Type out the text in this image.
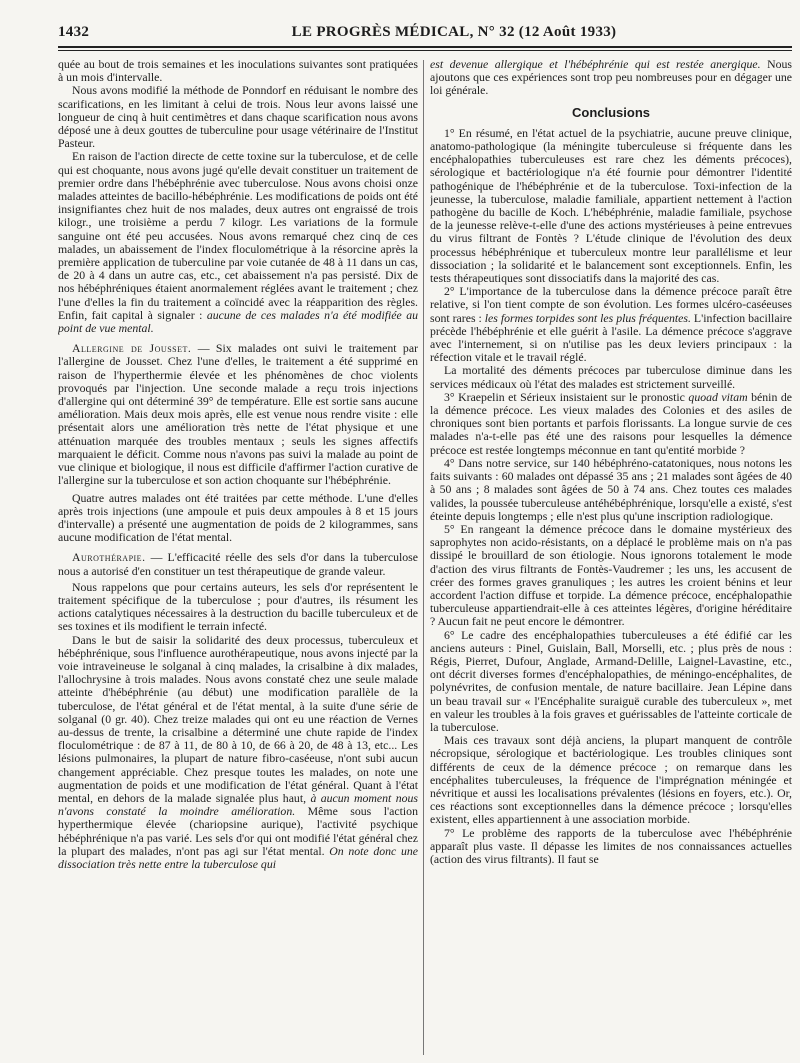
1432	LE PROGRÈS MÉDICAL, N° 32 (12 Août 1933)

quée au bout de trois semaines et les inoculations suivantes sont pratiquées à un mois d'intervalle.

Nous avons modifié la méthode de Ponndorf en réduisant le nombre des scarifications, en les limitant à celui de trois. Nous leur avons laissé une longueur de cinq à huit centimètres et dans chaque scarification nous avons déposé une à deux gouttes de tuberculine pour usage vétérinaire de l'Institut Pasteur.

En raison de l'action directe de cette toxine sur la tuberculose, et de celle qui est choquante, nous avons jugé qu'elle devait constituer un traitement de premier ordre dans l'hébéphrénie avec tuberculose. Nous avons choisi onze malades atteintes de bacillo-hébéphrénie. Les modifications de poids ont été insignifiantes chez huit de nos malades, deux autres ont engraissé de trois kilogr., une troisième a perdu 7 kilogr. Les variations de la formule sanguine ont été peu accusées. Nous avons remarqué chez cinq de ces malades, un abaissement de l'index floculométrique à la résorcine après la première application de tuberculine par voie cutanée de 48 à 11 dans un cas, de 20 à 4 dans un autre cas, etc., cet abaissement n'a pas persisté. Dix de nos hébéphréniques étaient anormalement réglées avant le traitement ; chez l'une d'elles la fin du traitement a coïncidé avec la réapparition des règles. Enfin, fait capital à signaler : aucune de ces malades n'a été modifiée au point de vue mental.

Allergine de Jousset. — Six malades ont suivi le traitement par l'allergine de Jousset. Chez l'une d'elles, le traitement a été supprimé en raison de l'hyperthermie élevée et les phénomènes de choc violents provoqués par l'injection. Une seconde malade a reçu trois injections d'allergine qui ont déterminé 39° de température. Elle est sortie sans aucune amélioration. Mais deux mois après, elle est venue nous rendre visite : elle présentait alors une amélioration très nette de l'état physique et une atténuation marquée des troubles mentaux ; seuls les signes affectifs marquaient le déficit. Comme nous n'avons pas suivi la malade au point de vue clinique et biologique, il nous est difficile d'affirmer l'action curative de l'allergine sur la tuberculose et son action choquante sur l'hébéphrénie.

Quatre autres malades ont été traitées par cette méthode. L'une d'elles après trois injections (une ampoule et puis deux ampoules à 8 et 15 jours d'intervalle) a présenté une augmentation de poids de 2 kilogrammes, sans aucune modification de l'état mental.

Aurothérapie. — L'efficacité réelle des sels d'or dans la tuberculose nous a autorisé d'en constituer un test thérapeutique de grande valeur.

Nous rappelons que pour certains auteurs, les sels d'or représentent le traitement spécifique de la tuberculose ; pour d'autres, ils résument les actions catalytiques nécessaires à la destruction du bacille tuberculeux et de ses toxines et ils modifient le terrain infecté.

Dans le but de saisir la solidarité des deux processus, tuberculeux et hébéphrénique, sous l'influence aurothérapeutique, nous avons injecté par la voie intraveineuse le solganal à cinq malades, la crisalbine à dix malades, l'allochrysine à trois malades. Nous avons constaté chez une seule malade atteinte d'hébéphrénie (au début) une modification parallèle de la tuberculose, de l'état général et de l'état mental, à la suite d'une série de solganal (0 gr. 40). Chez treize malades qui ont eu une réaction de Vernes au-dessus de trente, la crisalbine a déterminé une chute rapide de l'index floculométrique : de 87 à 11, de 80 à 10, de 66 à 20, de 48 à 13, etc... Les lésions pulmonaires, la plupart de nature fibro-caséeuse, n'ont subi aucun changement appréciable. Chez presque toutes les malades, on note une augmentation de poids et une modification de l'état général. Quant à l'état mental, en dehors de la malade signalée plus haut, à aucun moment nous n'avons constaté la moindre amélioration. Même sous l'action hyperthermique élevée (chariopsine aurique), l'activité psychique hébéphrénique n'a pas varié. Les sels d'or qui ont modifié l'état général chez la plupart des malades, n'ont pas agi sur l'état mental. On note donc une dissociation très nette entre la tuberculose qui

est devenue allergique et l'hébéphrénie qui est restée anergique. Nous ajoutons que ces expériences sont trop peu nombreuses pour en dégager une loi générale.

Conclusions

1° En résumé, en l'état actuel de la psychiatrie, aucune preuve clinique, anatomo-pathologique (la méningite tuberculeuse si fréquente dans les encéphalopathies tuberculeuses est rare chez les déments précoces), sérologique et bactériologique n'a été fournie pour démontrer l'identité pathogénique de l'hébéphrénie et de la tuberculose. Toxi-infection de la jeunesse, la tuberculose, maladie familiale, appartient nettement à l'action pathogène du bacille de Koch. L'hébéphrénie, maladie familiale, psychose de la jeunesse relève-t-elle d'une des actions mystérieuses à peine entrevues du virus filtrant de Fontès ? L'étude clinique de l'évolution des deux processus hébéphrénique et tuberculeux montre leur parallélisme et leur dissociation ; la solidarité et le balancement sont exceptionnels. Enfin, les tests thérapeutiques sont dissociatifs dans la majorité des cas.

2° L'importance de la tuberculose dans la démence précoce paraît être relative, si l'on tient compte de son évolution. Les formes ulcéro-caséeuses sont rares : les formes torpides sont les plus fréquentes. L'infection bacillaire précède l'hébéphrénie et elle guérit à l'asile. La démence précoce s'aggrave avec l'internement, si on n'utilise pas les deux leviers principaux : la réfection vitale et le travail réglé.

La mortalité des déments précoces par tuberculose diminue dans les services médicaux où l'état des malades est strictement surveillé.

3° Kraepelin et Sérieux insistaient sur le pronostic quoad vitam bénin de la démence précoce. Les vieux malades des Colonies et des asiles de chroniques sont bien portants et parfois florissants. La longue survie de ces malades n'a-t-elle pas été une des raisons pour lesquelles la démence précoce est restée longtemps méconnue en tant qu'entité morbide ?

4° Dans notre service, sur 140 hébéphréno-catatoniques, nous notons les faits suivants : 60 malades ont dépassé 35 ans ; 21 malades sont âgées de 40 à 50 ans ; 8 malades sont âgées de 50 à 74 ans. Chez toutes ces malades valides, la poussée tuberculeuse antéhébéphrénique, lorsqu'elle a existé, s'est éteinte depuis longtemps ; elle n'est plus qu'une inscription radiologique.

5° En rangeant la démence précoce dans le domaine mystérieux des saprophytes non acido-résistants, on a déplacé le problème mais on n'a pas dissipé le brouillard de son étiologie. Nous ignorons totalement le mode d'action des virus filtrants de Fontès-Vaudremer ; les uns, les accusent de créer des formes graves granuliques ; les autres les croient bénins et leur accordent l'action diffuse et torpide. La démence précoce, encéphalopathie tuberculeuse appartiendrait-elle à ces atteintes légères, d'origine héréditaire ? Aucun fait ne peut encore le démontrer.

6° Le cadre des encéphalopathies tuberculeuses a été édifié car les anciens auteurs : Pinel, Guislain, Ball, Morselli, etc. ; plus près de nous : Régis, Pierret, Dufour, Anglade, Armand-Delille, Laignel-Lavastine, etc., ont décrit diverses formes d'encéphalopathies, de méningo-encéphalites, de polynévrites, de confusion mentale, de nature bacillaire. Jean Lépine dans un beau travail sur « l'Encéphalite suraiguë curable des tuberculeux », met en valeur les troubles à la fois graves et guérissables de l'atteinte corticale de la tuberculose.

Mais ces travaux sont déjà anciens, la plupart manquent de contrôle nécropsique, sérologique et bactériologique. Les troubles cliniques sont différents de ceux de la démence précoce ; on remarque dans les encéphalites tuberculeuses, la fréquence de l'imprégnation méningée et névritique et aussi les localisations prévalentes (lésions en foyers, etc.). Or, ces réactions sont exceptionnelles dans la démence précoce ; lorsqu'elles existent, elles appartiennent à une association morbide.

7° Le problème des rapports de la tuberculose avec l'hébéphrénie apparaît plus vaste. Il dépasse les limites de nos connaissances actuelles (action des virus filtrants). Il faut se
